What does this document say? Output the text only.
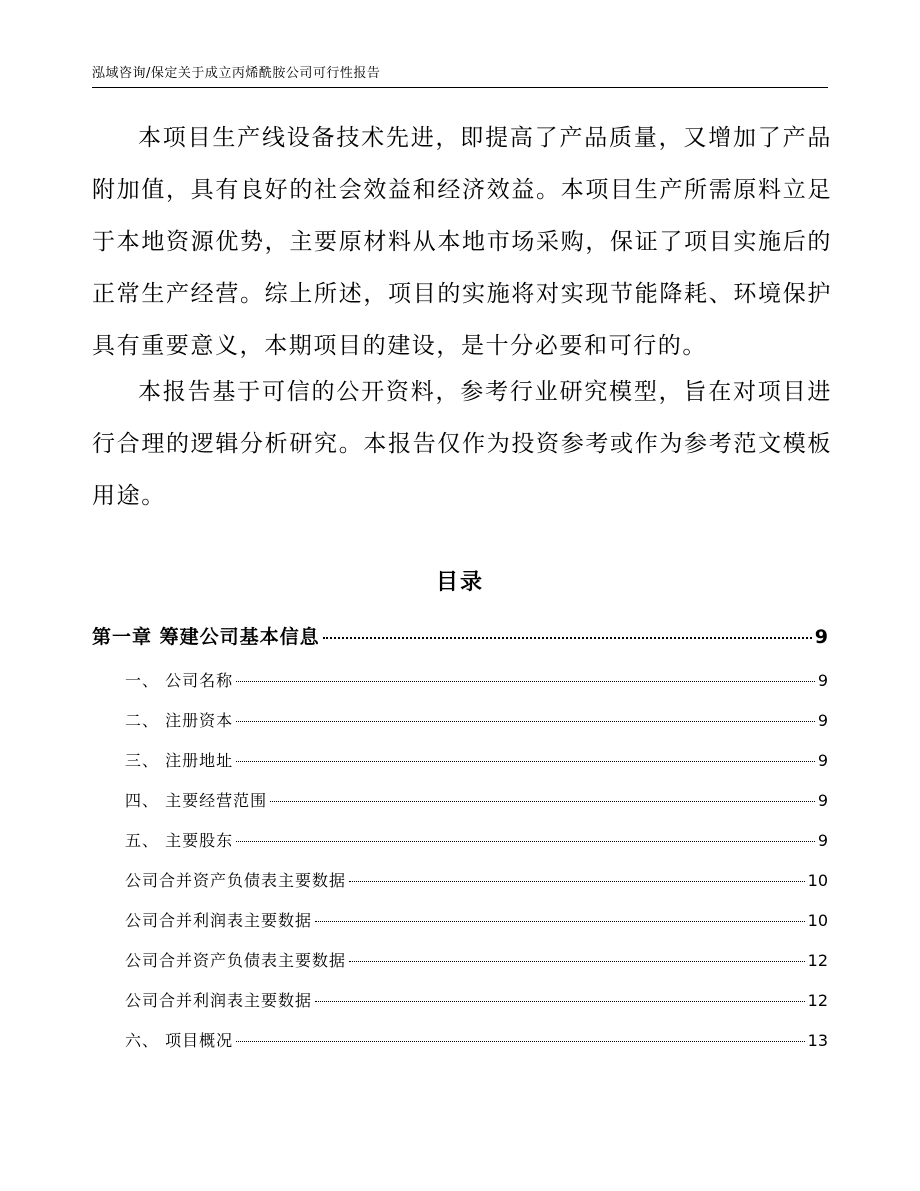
泓域咨询/保定关于成立丙烯酰胺公司可行性报告

本项目生产线设备技术先进，即提高了产品质量，又增加了产品附加值，具有良好的社会效益和经济效益。本项目生产所需原料立足于本地资源优势，主要原材料从本地市场采购，保证了项目实施后的正常生产经营。综上所述，项目的实施将对实现节能降耗、环境保护具有重要意义，本期项目的建设，是十分必要和可行的。

本报告基于可信的公开资料，参考行业研究模型，旨在对项目进行合理的逻辑分析研究。本报告仅作为投资参考或作为参考范文模板用途。

目录
第一章 筹建公司基本信息	9
一、 公司名称	9
二、 注册资本	9
三、 注册地址	9
四、 主要经营范围	9
五、 主要股东	9
公司合并资产负债表主要数据	10
公司合并利润表主要数据	10
公司合并资产负债表主要数据	12
公司合并利润表主要数据	12
六、 项目概况	13
